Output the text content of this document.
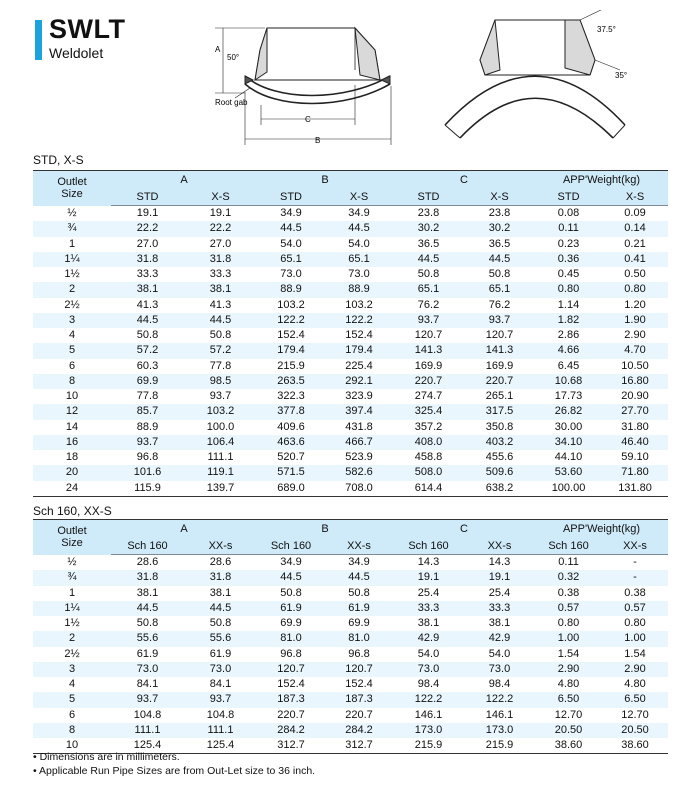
SWLT
Weldolet	A
50°
Root gab
C
B
37.5°
35°
STD, X-S
Outlet
Size	A		B		C		APP'Weight(kg)	
	STD	X-S	STD	X-S	STD	X-S	STD	X-S
½	19.1	19.1	34.9	34.9	23.8	23.8	0.08	0.09
¾	22.2	22.2	44.5	44.5	30.2	30.2	0.11	0.14
1	27.0	27.0	54.0	54.0	36.5	36.5	0.23	0.21
1¼	31.8	31.8	65.1	65.1	44.5	44.5	0.36	0.41
1½	33.3	33.3	73.0	73.0	50.8	50.8	0.45	0.50
2	38.1	38.1	88.9	88.9	65.1	65.1	0.80	0.80
2½	41.3	41.3	103.2	103.2	76.2	76.2	1.14	1.20
3	44.5	44.5	122.2	122.2	93.7	93.7	1.82	1.90
4	50.8	50.8	152.4	152.4	120.7	120.7	2.86	2.90
5	57.2	57.2	179.4	179.4	141.3	141.3	4.66	4.70
6	60.3	77.8	215.9	225.4	169.9	169.9	6.45	10.50
8	69.9	98.5	263.5	292.1	220.7	220.7	10.68	16.80
10	77.8	93.7	322.3	323.9	274.7	265.1	17.73	20.90
12	85.7	103.2	377.8	397.4	325.4	317.5	26.82	27.70
14	88.9	100.0	409.6	431.8	357.2	350.8	30.00	31.80
16	93.7	106.4	463.6	466.7	408.0	403.2	34.10	46.40
18	96.8	111.1	520.7	523.9	458.8	455.6	44.10	59.10
20	101.6	119.1	571.5	582.6	508.0	509.6	53.60	71.80
24	115.9	139.7	689.0	708.0	614.4	638.2	100.00	131.80
Sch 160, XX-S
Outlet
Size	A		B		C		APP'Weight(kg)	
	Sch 160	XX-s	Sch 160	XX-s	Sch 160	XX-s	Sch 160	XX-s
½	28.6	28.6	34.9	34.9	14.3	14.3	0.11	-
¾	31.8	31.8	44.5	44.5	19.1	19.1	0.32	-
1	38.1	38.1	50.8	50.8	25.4	25.4	0.38	0.38
1¼	44.5	44.5	61.9	61.9	33.3	33.3	0.57	0.57
1½	50.8	50.8	69.9	69.9	38.1	38.1	0.80	0.80
2	55.6	55.6	81.0	81.0	42.9	42.9	1.00	1.00
2½	61.9	61.9	96.8	96.8	54.0	54.0	1.54	1.54
3	73.0	73.0	120.7	120.7	73.0	73.0	2.90	2.90
4	84.1	84.1	152.4	152.4	98.4	98.4	4.80	4.80
5	93.7	93.7	187.3	187.3	122.2	122.2	6.50	6.50
6	104.8	104.8	220.7	220.7	146.1	146.1	12.70	12.70
8	111.1	111.1	284.2	284.2	173.0	173.0	20.50	20.50
10	125.4	125.4	312.7	312.7	215.9	215.9	38.60	38.60
• Dimensions are in millimeters.
• Applicable Run Pipe Sizes are from Out-Let size to 36 inch.
